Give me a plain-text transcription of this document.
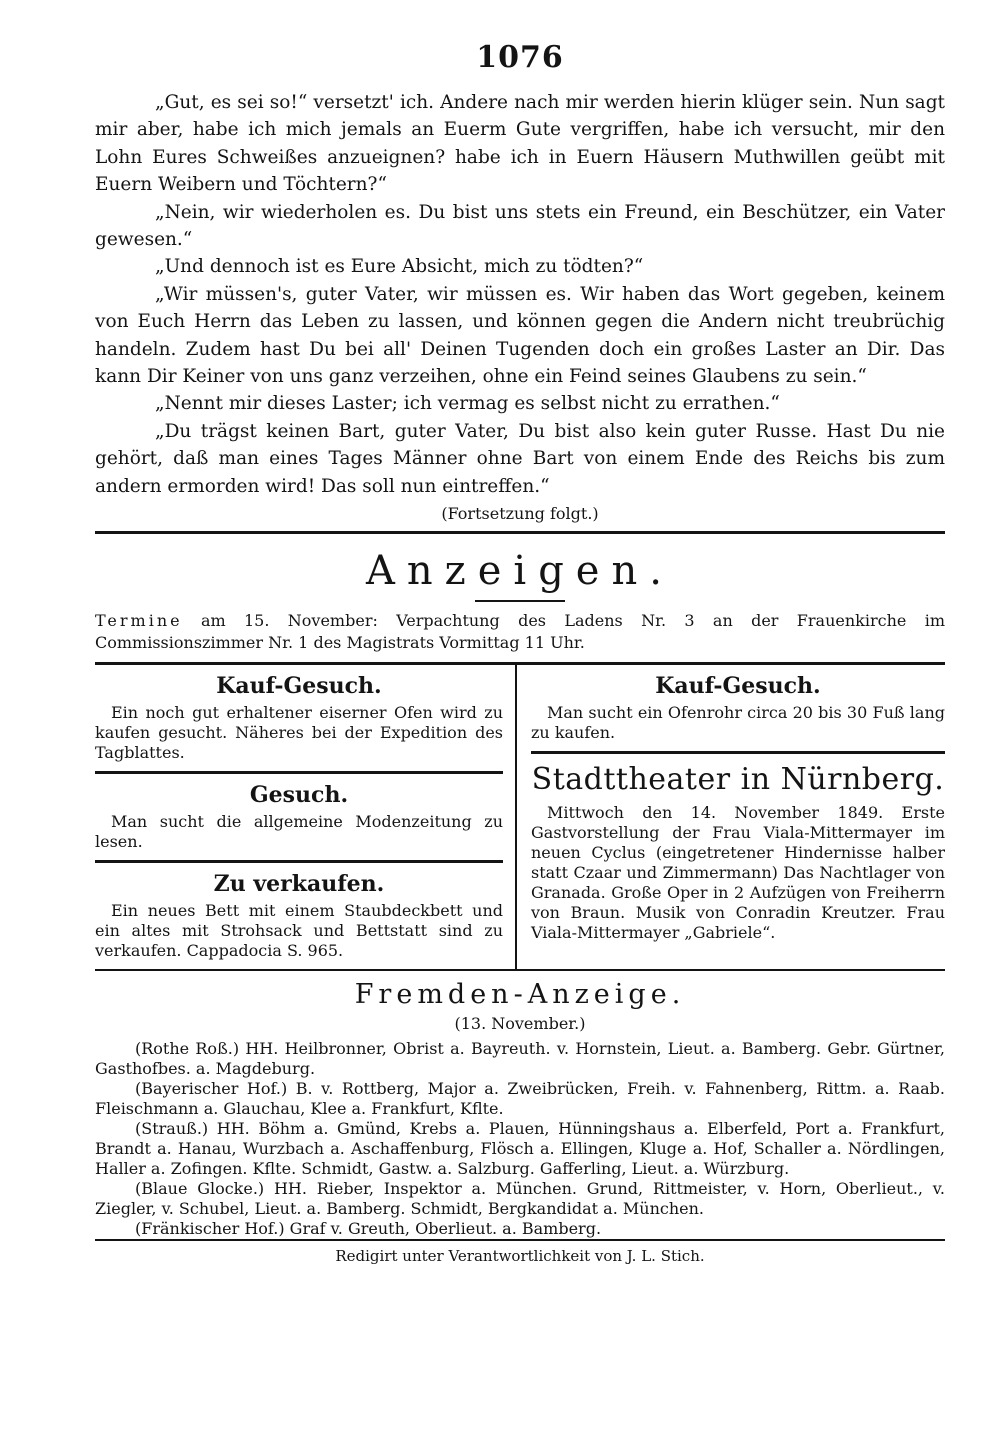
1076

„Gut, es sei so!“ versetzt' ich. Andere nach mir werden hierin klüger sein. Nun sagt mir aber, habe ich mich jemals an Euerm Gute vergriffen, habe ich versucht, mir den Lohn Eures Schweißes anzueignen? habe ich in Euern Häusern Muthwillen geübt mit Euern Weibern und Töchtern?“

„Nein, wir wiederholen es. Du bist uns stets ein Freund, ein Beschützer, ein Vater gewesen.“

„Und dennoch ist es Eure Absicht, mich zu tödten?“

„Wir müssen's, guter Vater, wir müssen es. Wir haben das Wort gegeben, keinem von Euch Herrn das Leben zu lassen, und können gegen die Andern nicht treubrüchig handeln. Zudem hast Du bei all' Deinen Tugenden doch ein großes Laster an Dir. Das kann Dir Keiner von uns ganz verzeihen, ohne ein Feind seines Glaubens zu sein.“

„Nennt mir dieses Laster; ich vermag es selbst nicht zu errathen.“

„Du trägst keinen Bart, guter Vater, Du bist also kein guter Russe. Hast Du nie gehört, daß man eines Tages Männer ohne Bart von einem Ende des Reichs bis zum andern ermorden wird! Das soll nun eintreffen.“

(Fortsetzung folgt.)
Anzeigen.
Termine am 15. November: Verpachtung des Ladens Nr. 3 an der Frauenkirche im Commissionszimmer Nr. 1 des Magistrats Vormittag 11 Uhr.
Kauf-Gesuch.

Ein noch gut erhaltener eiserner Ofen wird zu kaufen gesucht. Näheres bei der Expedition des Tagblattes.

Gesuch.

Man sucht die allgemeine Modenzeitung zu lesen.

Zu verkaufen.

Ein neues Bett mit einem Staubdeckbett und ein altes mit Strohsack und Bettstatt sind zu verkaufen. Cappadocia S. 965.

Kauf-Gesuch.

Man sucht ein Ofenrohr circa 20 bis 30 Fuß lang zu kaufen.

Stadttheater in Nürnberg.

Mittwoch den 14. November 1849. Erste Gastvorstellung der Frau Viala-Mittermayer im neuen Cyclus (eingetretener Hindernisse halber statt Czaar und Zimmermann) Das Nachtlager von Granada. Große Oper in 2 Aufzügen von Freiherrn von Braun. Musik von Conradin Kreutzer. Frau Viala-Mittermayer „Gabriele“.

Fremden-Anzeige.
(13. November.)

(Rothe Roß.) HH. Heilbronner, Obrist a. Bayreuth. v. Hornstein, Lieut. a. Bamberg. Gebr. Gürtner, Gasthofbes. a. Magdeburg.

(Bayerischer Hof.) B. v. Rottberg, Major a. Zweibrücken, Freih. v. Fahnenberg, Rittm. a. Raab. Fleischmann a. Glauchau, Klee a. Frankfurt, Kflte.

(Strauß.) HH. Böhm a. Gmünd, Krebs a. Plauen, Hünningshaus a. Elberfeld, Port a. Frankfurt, Brandt a. Hanau, Wurzbach a. Aschaffenburg, Flösch a. Ellingen, Kluge a. Hof, Schaller a. Nördlingen, Haller a. Zofingen. Kflte. Schmidt, Gastw. a. Salzburg. Gafferling, Lieut. a. Würzburg.

(Blaue Glocke.) HH. Rieber, Inspektor a. München. Grund, Rittmeister, v. Horn, Oberlieut., v. Ziegler, v. Schubel, Lieut. a. Bamberg. Schmidt, Bergkandidat a. München.

(Fränkischer Hof.) Graf v. Greuth, Oberlieut. a. Bamberg.

Redigirt unter Verantwortlichkeit von J. L. Stich.
